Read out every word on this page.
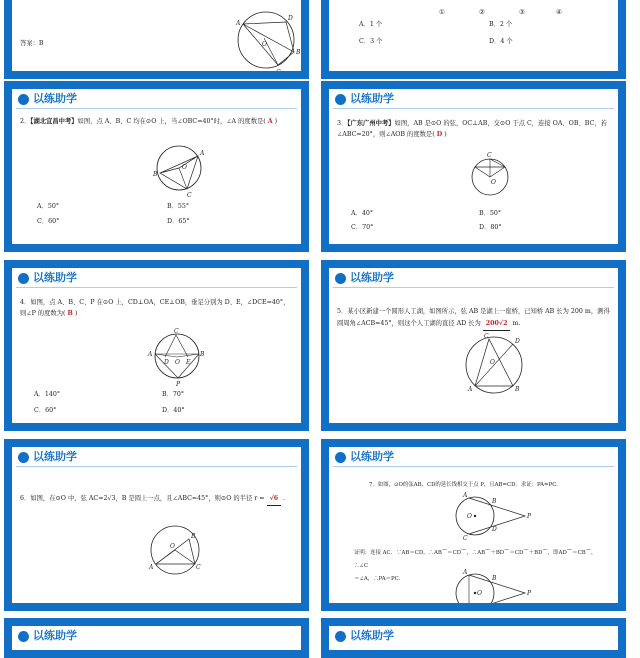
答案：B
A
D
O
B
C
①	②	③	④
A．1 个	B．2 个
C．3 个	D．4 个
以练助学
2．【湖北宜昌中考】如图，点 A、B、C 均在⊙O 上，当∠OBC=40°时，∠A 的度数是( A )
A
O
B
C
A．50°	B．55°
C．60°	D．65°
以练助学
3．【广东广州中考】如图，AB 是⊙O 的弦，OC⊥AB，交⊙O 于点 C，连接 OA、OB、BC，若∠ABC=20°，则∠AOB 的度数是( D )
C
O
A．40°	B．50°
C．70°	D．80°
以练助学
4．如图，点 A、B、C、P 在⊙O 上，CD⊥OA，CE⊥OB，垂足分别为 D、E，∠DCE=40°，则∠P 的度数为( B )
C
A
D O E
B
P
A．140°	B．70°
C．60°	D．40°
以练助学
5．某小区新建一个圆形人工湖，如图所示，弦 AB 是湖上一座桥，已知桥 AB 长为 200 m，测得圆周角∠ACB=45°，则这个人工湖的直径 AD 长为 200√2 m.
D
C
O
A	B
以练助学
6．如图，在⊙O 中，弦 AC=2√3，B 是圆上一点，且∠ABC=45°，则⊙O 的半径 r = √6 .
B
O
A	C
以练助学
7．如图，⊙O的弦AB、CD的延长线相交于点 P，且AB=CD．求证：PA=PC.
A
B
O
D
C
P
证明：连接 AC．∵AB＝CD，∴AB⌒＝CD⌒，∴AB⌒＋BD⌒＝CD⌒＋BD⌒，即AD⌒＝CB⌒，∴∠C
＝∠A，∴PA＝PC．
A
B
O
D
P
以练助学	以练助学
